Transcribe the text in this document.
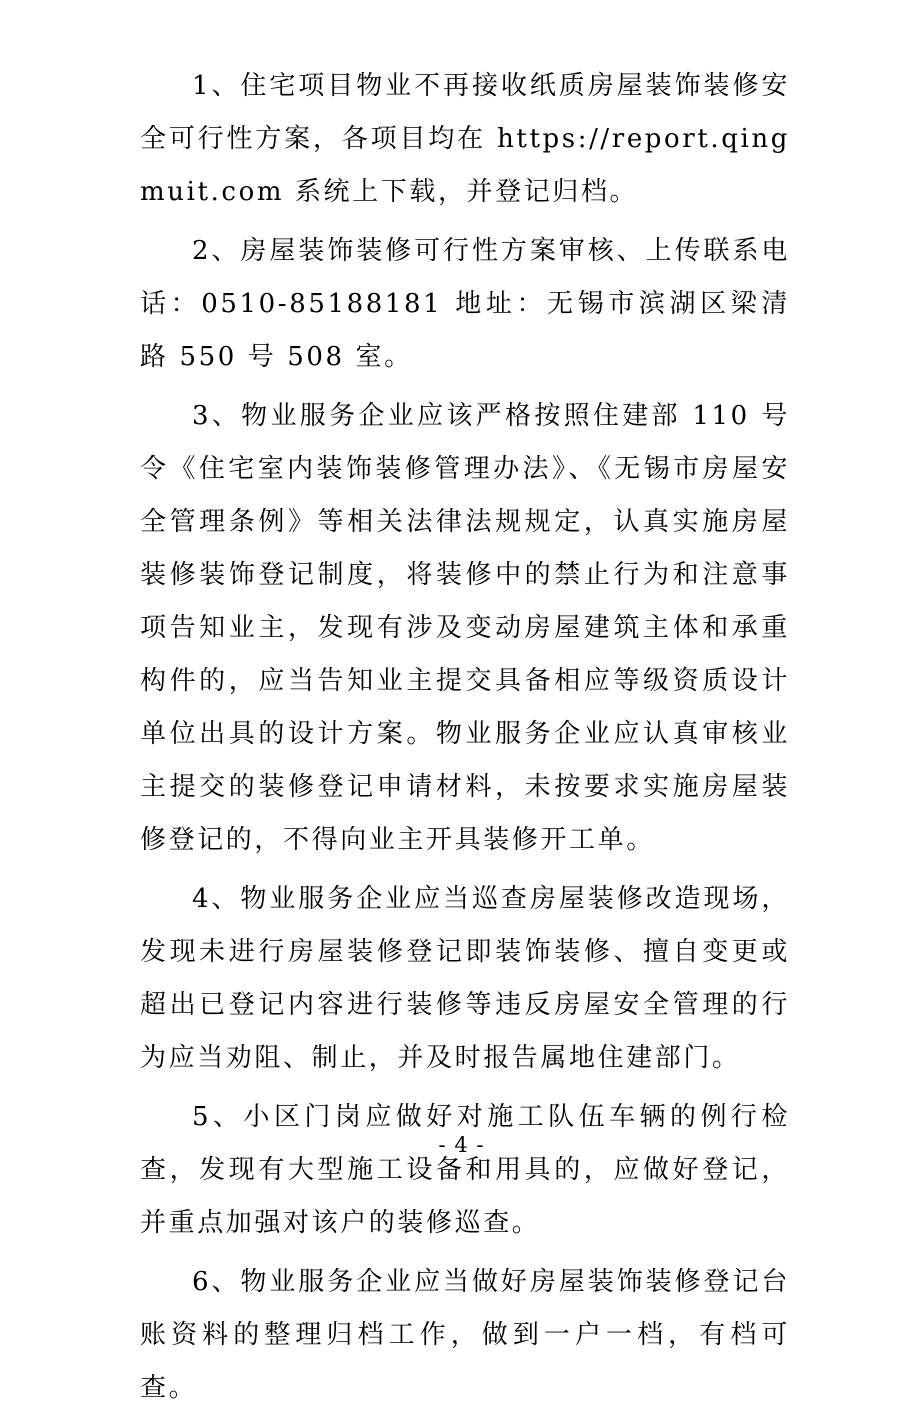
1、住宅项目物业不再接收纸质房屋装饰装修安全可行性方案，各项目均在 https://report.qingmuit.com 系统上下载，并登记归档。

2、房屋装饰装修可行性方案审核、上传联系电话：0510-85188181 地址：无锡市滨湖区梁清路 550 号 508 室。

3、物业服务企业应该严格按照住建部 110 号令《住宅室内装饰装修管理办法》、《无锡市房屋安全管理条例》等相关法律法规规定，认真实施房屋装修装饰登记制度，将装修中的禁止行为和注意事项告知业主，发现有涉及变动房屋建筑主体和承重构件的，应当告知业主提交具备相应等级资质设计单位出具的设计方案。物业服务企业应认真审核业主提交的装修登记申请材料，未按要求实施房屋装修登记的，不得向业主开具装修开工单。

4、物业服务企业应当巡查房屋装修改造现场，发现未进行房屋装修登记即装饰装修、擅自变更或超出已登记内容进行装修等违反房屋安全管理的行为应当劝阻、制止，并及时报告属地住建部门。

5、小区门岗应做好对施工队伍车辆的例行检查，发现有大型施工设备和用具的，应做好登记，并重点加强对该户的装修巡查。

6、物业服务企业应当做好房屋装饰装修登记台账资料的整理归档工作，做到一户一档，有档可查。

- 4 -
